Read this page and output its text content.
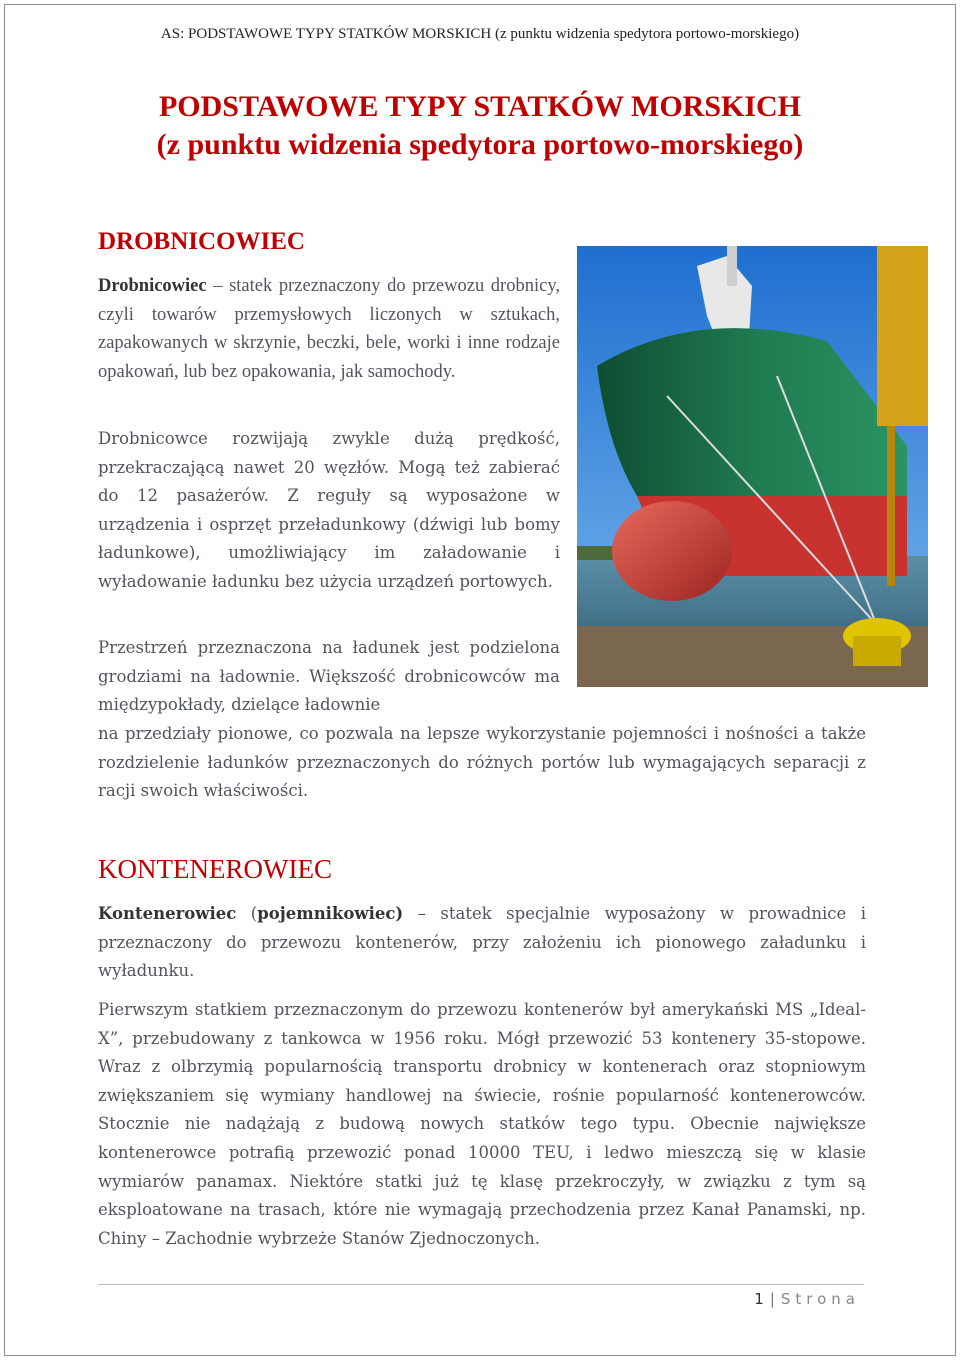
AS: PODSTAWOWE TYPY STATKÓW MORSKICH (z punktu widzenia spedytora portowo-morskiego)
PODSTAWOWE TYPY STATKÓW MORSKICH
(z punktu widzenia spedytora portowo-morskiego)
DROBNICOWIEC

Drobnicowiec – statek przeznaczony do przewozu drobnicy, czyli towarów przemysłowych liczonych w sztukach, zapakowanych w skrzynie, beczki, bele, worki i inne rodzaje opakowań, lub bez opakowania, jak samochody.

Drobnicowce rozwijają zwykle dużą prędkość, przekraczającą nawet 20 węzłów. Mogą też zabierać do 12 pasażerów. Z reguły są wyposażone w urządzenia i osprzęt przeładunkowy (dźwigi lub bomy ładunkowe), umożliwiający im załadowanie i wyładowanie ładunku bez użycia urządzeń portowych.

Przestrzeń przeznaczona na ładunek jest podzielona grodziami na ładownie. Większość drobnicowców ma międzypokłady, dzielące ładownie

na przedziały pionowe, co pozwala na lepsze wykorzystanie pojemności i nośności a także rozdzielenie ładunków przeznaczonych do różnych portów lub wymagających separacji z racji swoich właściwości.

KONTENEROWIEC

Kontenerowiec (pojemnikowiec) – statek specjalnie wyposażony w prowadnice i przeznaczony do przewozu kontenerów, przy założeniu ich pionowego załadunku i wyładunku.

Pierwszym statkiem przeznaczonym do przewozu kontenerów był amerykański MS „Ideal-X”, przebudowany z tankowca w 1956 roku. Mógł przewozić 53 kontenery 35-stopowe. Wraz z olbrzymią popularnością transportu drobnicy w kontenerach oraz stopniowym zwiększaniem się wymiany handlowej na świecie, rośnie popularność kontenerowców. Stocznie nie nadążają z budową nowych statków tego typu. Obecnie największe kontenerowce potrafią przewozić ponad 10000 TEU, i ledwo mieszczą się w klasie wymiarów panamax. Niektóre statki już tę klasę przekroczyły, w związku z tym są eksploatowane na trasach, które nie wymagają przechodzenia przez Kanał Panamski, np. Chiny – Zachodnie wybrzeże Stanów Zjednoczonych.

1 | Strona
